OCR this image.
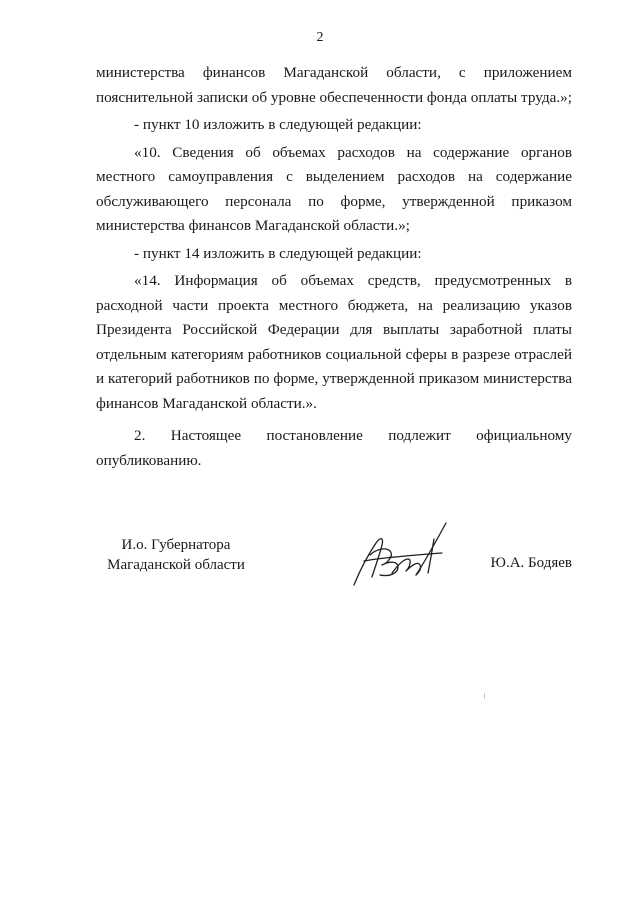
2

министерства финансов Магаданской области, с приложением пояснительной записки об уровне обеспеченности фонда оплаты труда.»;

- пункт 10 изложить в следующей редакции:

«10. Сведения об объемах расходов на содержание органов местного самоуправления с выделением расходов на содержание обслуживающего персонала по форме, утвержденной приказом министерства финансов Магаданской области.»;

- пункт 14 изложить в следующей редакции:

«14. Информация об объемах средств, предусмотренных в расходной части проекта местного бюджета, на реализацию указов Президента Российской Федерации для выплаты заработной платы отдельным категориям работников социальной сферы в разрезе отраслей и категорий работников по форме, утвержденной приказом министерства финансов Магаданской области.».

2. Настоящее постановление подлежит официальному опубликованию.

И.о. Губернатора
Магаданской области	Ю.А. Бодяев
